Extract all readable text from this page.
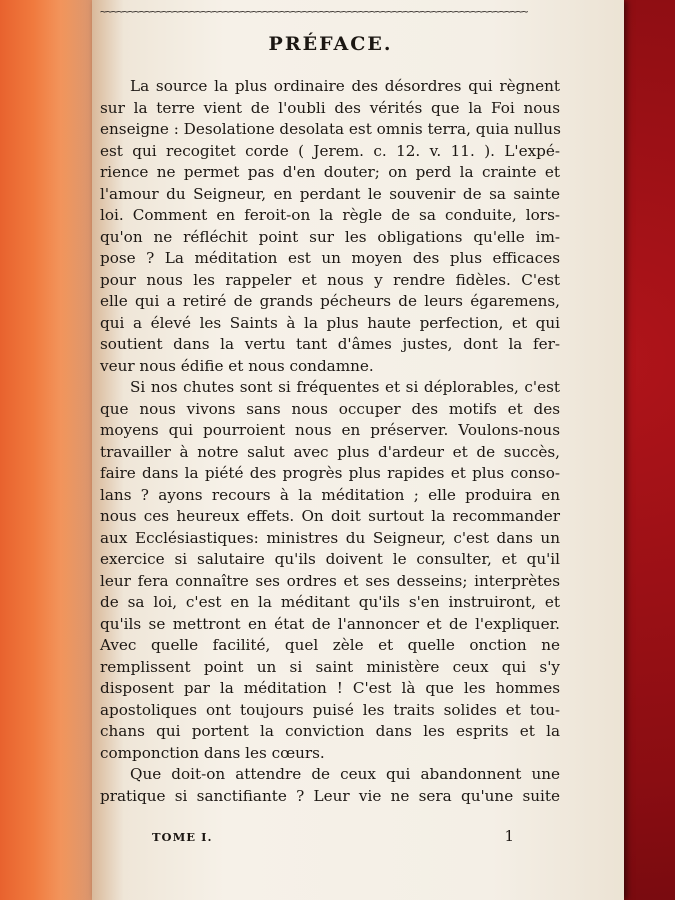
~~~~~~~~~~~~~~~~~~~~~~~~~~~~~~~~~~~~~~~~~~~~~~~~~~~~~~~~~~~~~~~~~~~~~~~~~~~~
PRÉFACE.
La source la plus ordinaire des désordres qui règnent
sur la terre vient de l'oubli des vérités que la Foi nous
enseigne : Desolatione desolata est omnis terra, quia nullus
est qui recogitet corde ( Jerem. c. 12. v. 11. ). L'expé-
rience ne permet pas d'en douter; on perd la crainte et
l'amour du Seigneur, en perdant le souvenir de sa sainte
loi. Comment en feroit-on la règle de sa conduite, lors-
qu'on ne réfléchit point sur les obligations qu'elle im-
pose ? La méditation est un moyen des plus efficaces
pour nous les rappeler et nous y rendre fidèles. C'est
elle qui a retiré de grands pécheurs de leurs égaremens,
qui a élevé les Saints à la plus haute perfection, et qui
soutient dans la vertu tant d'âmes justes, dont la fer-
veur nous édifie et nous condamne.
Si nos chutes sont si fréquentes et si déplorables, c'est
que nous vivons sans nous occuper des motifs et des
moyens qui pourroient nous en préserver. Voulons-nous
travailler à notre salut avec plus d'ardeur et de succès,
faire dans la piété des progrès plus rapides et plus conso-
lans ? ayons recours à la méditation ; elle produira en
nous ces heureux effets. On doit surtout la recommander
aux Ecclésiastiques: ministres du Seigneur, c'est dans un
exercice si salutaire qu'ils doivent le consulter, et qu'il
leur fera connaître ses ordres et ses desseins; interprètes
de sa loi, c'est en la méditant qu'ils s'en instruiront, et
qu'ils se mettront en état de l'annoncer et de l'expliquer.
Avec quelle facilité, quel zèle et quelle onction ne
remplissent point un si saint ministère ceux qui s'y
disposent par la méditation ! C'est là que les hommes
apostoliques ont toujours puisé les traits solides et tou-
chans qui portent la conviction dans les esprits et la
componction dans les cœurs.
Que doit-on attendre de ceux qui abandonnent une
pratique si sanctifiante ? Leur vie ne sera qu'une suite
TOME I.	1
